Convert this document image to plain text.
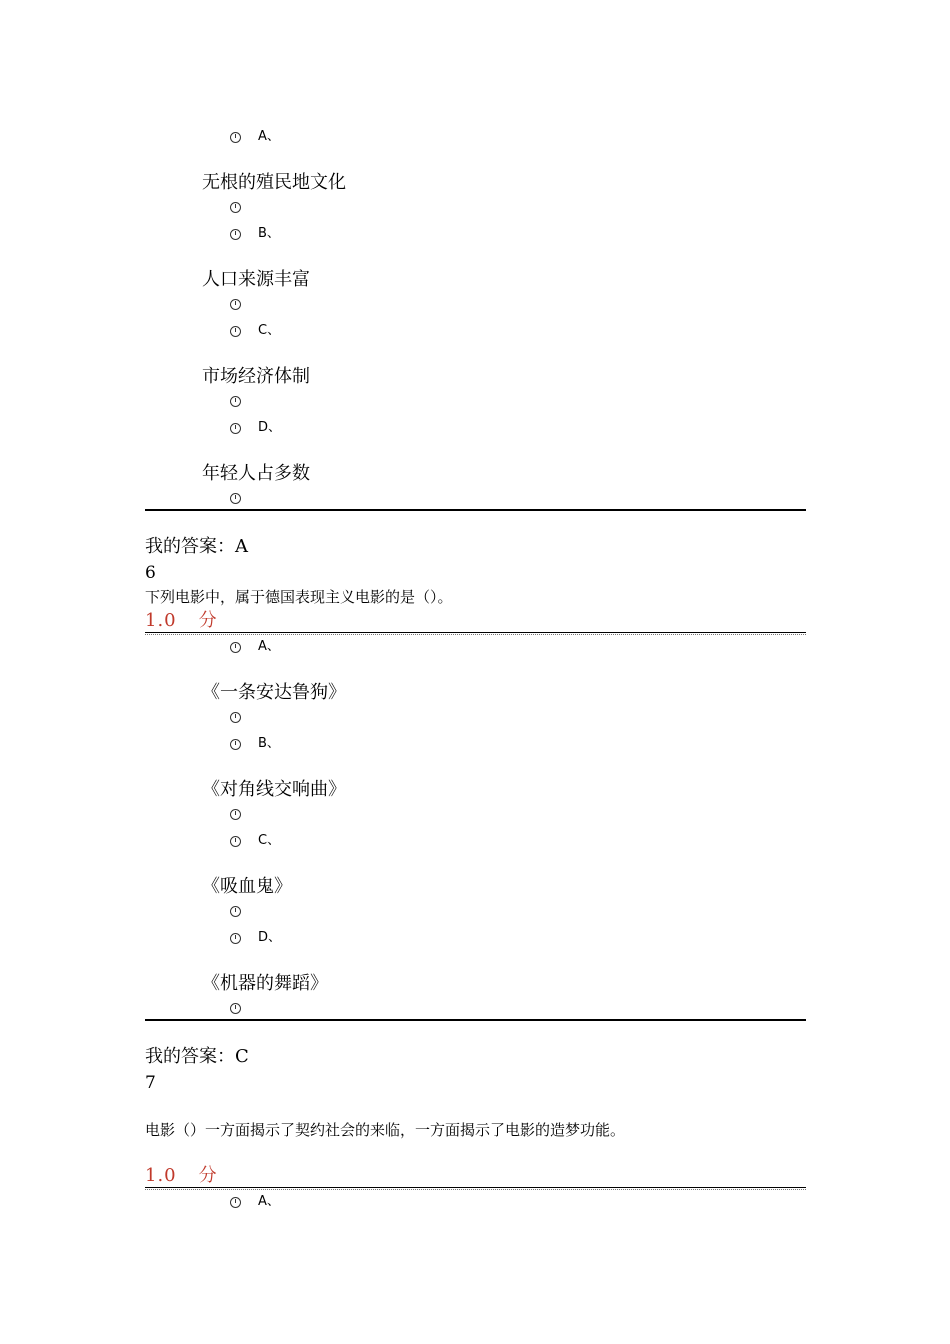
A、
无根的殖民地文化
B、
人口来源丰富
C、
市场经济体制
D、
年轻人占多数
我的答案：A
6
下列电影中，属于德国表现主义电影的是（）。
1.0 分
A、
《一条安达鲁狗》
B、
《对角线交响曲》
C、
《吸血鬼》
D、
《机器的舞蹈》
我的答案：C
7
电影（）一方面揭示了契约社会的来临，一方面揭示了电影的造梦功能。
1.0 分
A、
